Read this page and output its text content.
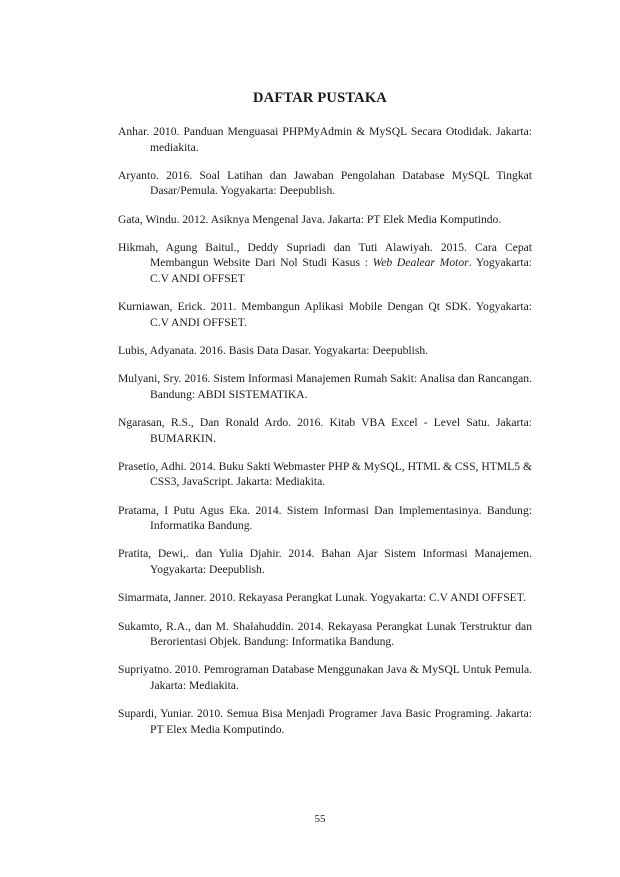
DAFTAR PUSTAKA
Anhar. 2010. Panduan Menguasai PHPMyAdmin & MySQL Secara Otodidak. Jakarta: mediakita.
Aryanto. 2016. Soal Latihan dan Jawaban Pengolahan Database MySQL Tingkat Dasar/Pemula. Yogyakarta: Deepublish.
Gata, Windu. 2012. Asiknya Mengenal Java. Jakarta: PT Elek Media Komputindo.
Hikmah, Agung Baitul., Deddy Supriadi dan Tuti Alawiyah. 2015. Cara Cepat Membangun Website Dari Nol Studi Kasus : Web Dealear Motor. Yogyakarta: C.V ANDI OFFSET
Kurniawan, Erick. 2011. Membangun Aplikasi Mobile Dengan Qt SDK. Yogyakarta: C.V ANDI OFFSET.
Lubis, Adyanata. 2016. Basis Data Dasar. Yogyakarta: Deepublish.
Mulyani, Sry. 2016. Sistem Informasi Manajemen Rumah Sakit: Analisa dan Rancangan. Bandung: ABDI SISTEMATIKA.
Ngarasan, R.S., Dan Ronald Ardo. 2016. Kitab VBA Excel - Level Satu. Jakarta: BUMARKIN.
Prasetio, Adhi. 2014. Buku Sakti Webmaster PHP & MySQL, HTML & CSS, HTML5 & CSS3, JavaScript. Jakarta: Mediakita.
Pratama, I Putu Agus Eka. 2014. Sistem Informasi Dan Implementasinya. Bandung: Informatika Bandung.
Pratita, Dewi,. dan Yulia Djahir. 2014. Bahan Ajar Sistem Informasi Manajemen. Yogyakarta: Deepublish.
Simarmata, Janner. 2010. Rekayasa Perangkat Lunak. Yogyakarta: C.V ANDI OFFSET.
Sukamto, R.A., dan M. Shalahuddin. 2014. Rekayasa Perangkat Lunak Terstruktur dan Berorientasi Objek. Bandung: Informatika Bandung.
Supriyatno. 2010. Pemrograman Database Menggunakan Java & MySQL Untuk Pemula. Jakarta: Mediakita.
Supardi, Yuniar. 2010. Semua Bisa Menjadi Programer Java Basic Programing. Jakarta: PT Elex Media Komputindo.
55
